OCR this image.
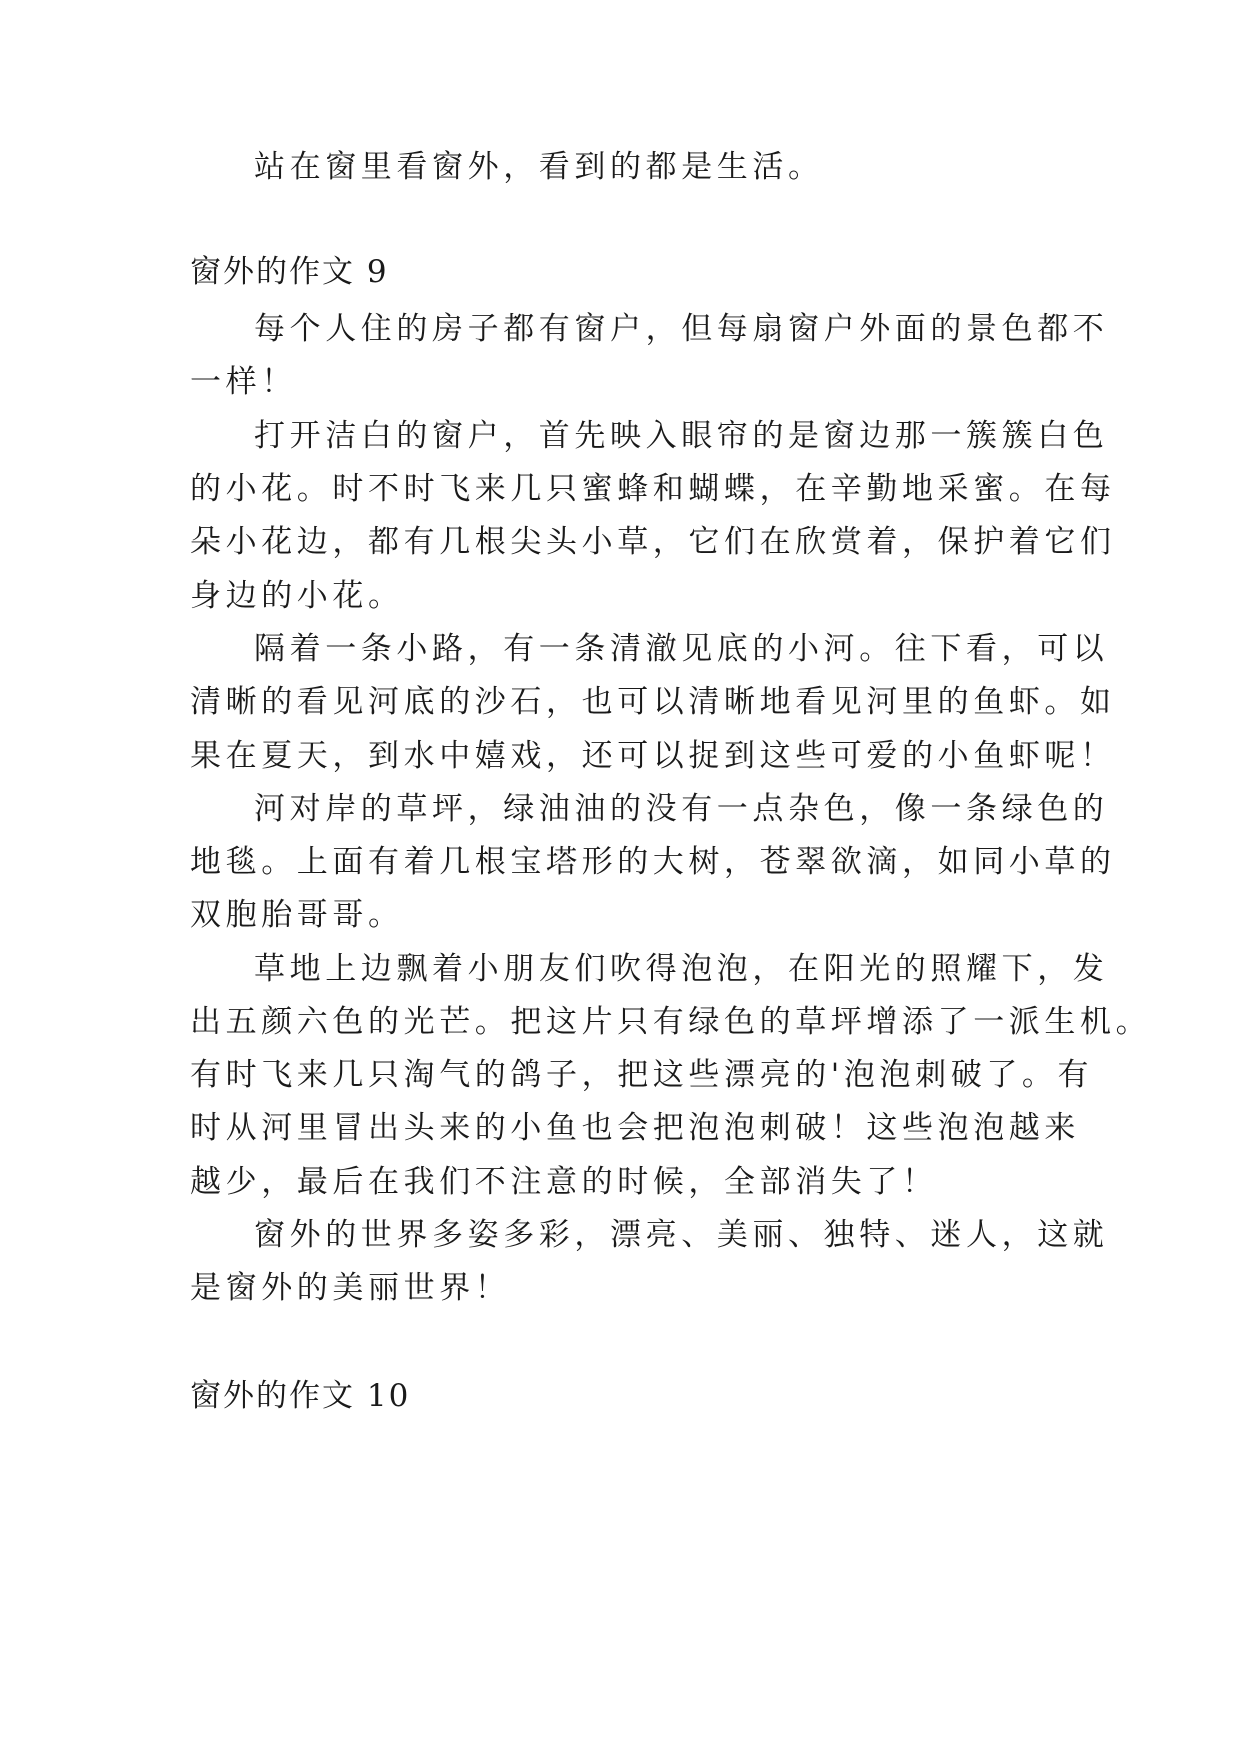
站在窗里看窗外，看到的都是生活。
窗外的作文 9
每个人住的房子都有窗户，但每扇窗户外面的景色都不
一样！
打开洁白的窗户，首先映入眼帘的是窗边那一簇簇白色
的小花。时不时飞来几只蜜蜂和蝴蝶，在辛勤地采蜜。在每
朵小花边，都有几根尖头小草，它们在欣赏着，保护着它们
身边的小花。
隔着一条小路，有一条清澈见底的小河。往下看，可以
清晰的看见河底的沙石，也可以清晰地看见河里的鱼虾。如
果在夏天，到水中嬉戏，还可以捉到这些可爱的小鱼虾呢！
河对岸的草坪，绿油油的没有一点杂色，像一条绿色的
地毯。上面有着几根宝塔形的大树，苍翠欲滴，如同小草的
双胞胎哥哥。
草地上边飘着小朋友们吹得泡泡，在阳光的照耀下，发
出五颜六色的光芒。把这片只有绿色的草坪增添了一派生机。
有时飞来几只淘气的鸽子，把这些漂亮的'泡泡刺破了。有
时从河里冒出头来的小鱼也会把泡泡刺破！这些泡泡越来
越少，最后在我们不注意的时候，全部消失了！
窗外的世界多姿多彩，漂亮、美丽、独特、迷人，这就
是窗外的美丽世界！
窗外的作文 10
